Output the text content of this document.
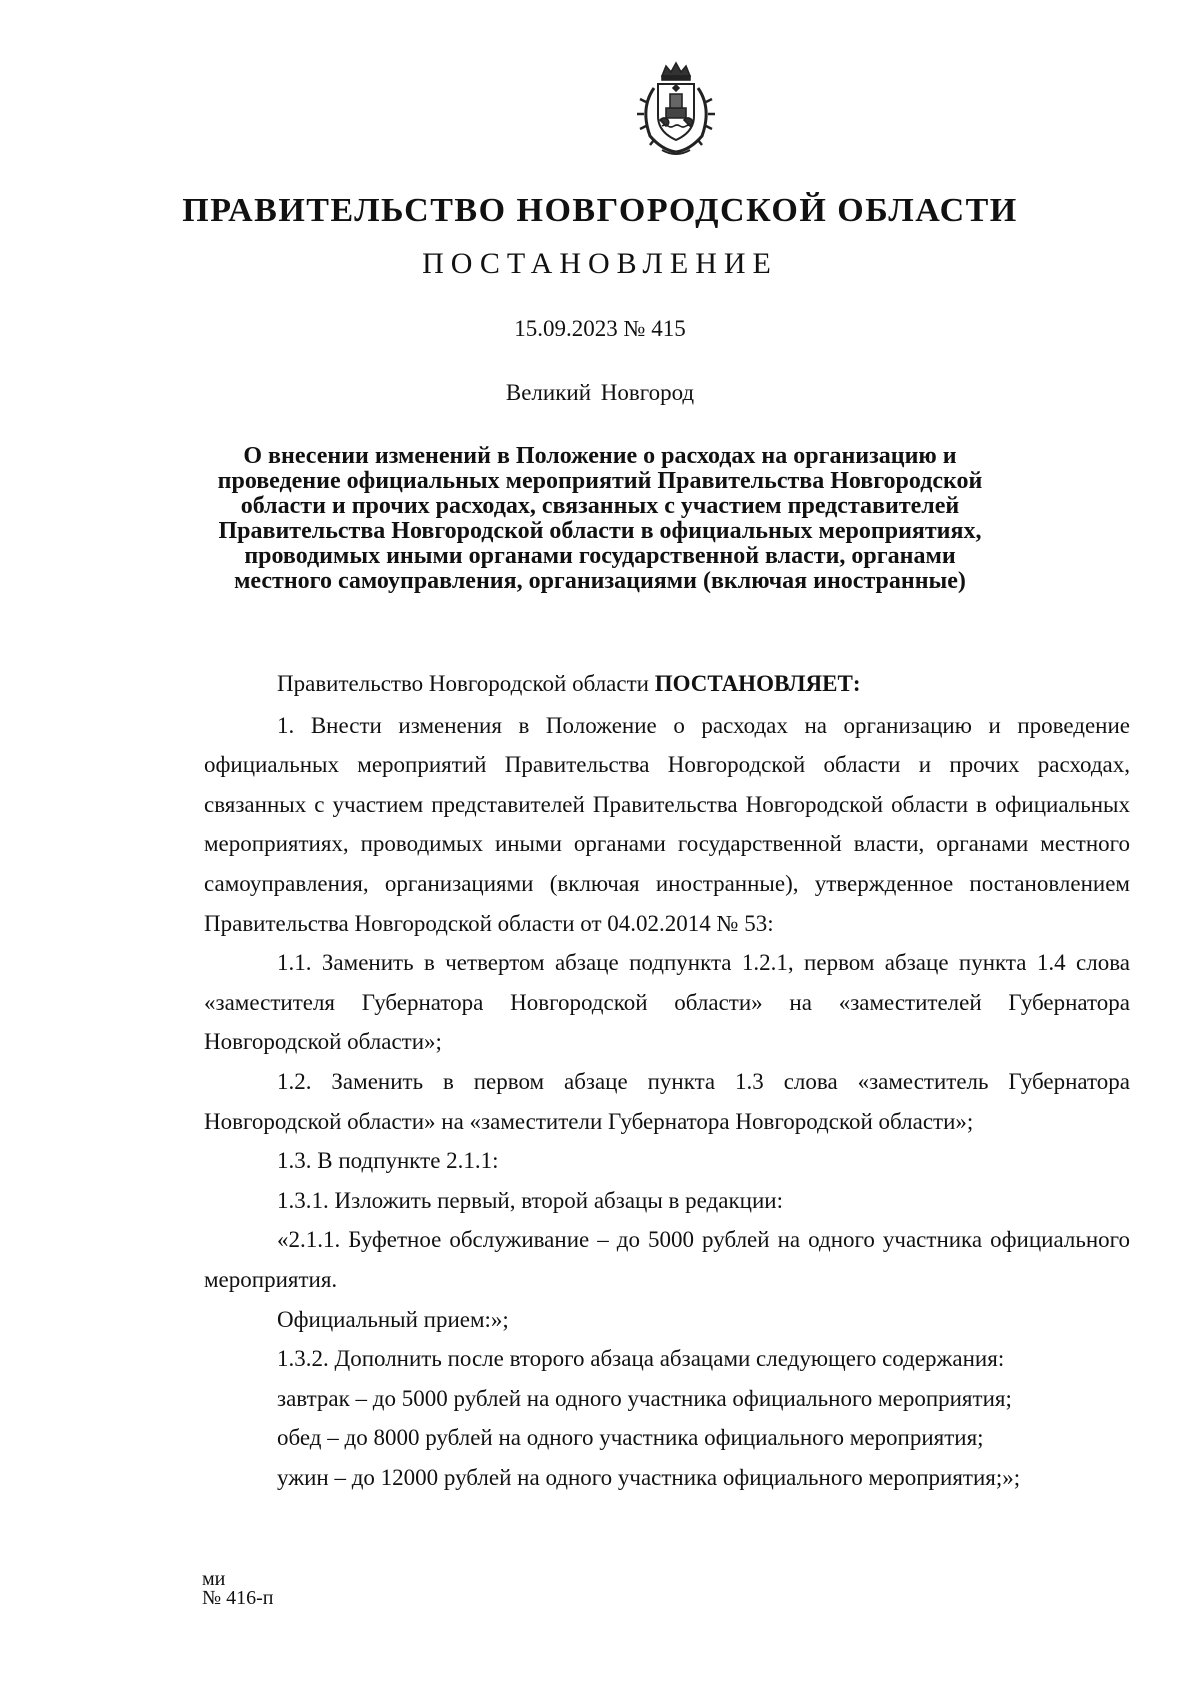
ПРАВИТЕЛЬСТВО НОВГОРОДСКОЙ ОБЛАСТИ
ПОСТАНОВЛЕНИЕ
15.09.2023 № 415
Великий Новгород
О внесении изменений в Положение о расходах на организацию и
проведение официальных мероприятий Правительства Новгородской
области и прочих расходах, связанных с участием представителей
Правительства Новгородской области в официальных мероприятиях,
проводимых иными органами государственной власти, органами
местного самоуправления, организациями (включая иностранные)

Правительство Новгородской области ПОСТАНОВЛЯЕТ:

1. Внести изменения в Положение о расходах на организацию и проведение официальных мероприятий Правительства Новгородской области и прочих расходах, связанных с участием представителей Правительства Новгородской области в официальных мероприятиях, проводимых иными органами государственной власти, органами местного самоуправления, организациями (включая иностранные), утвержденное постановлением Правительства Новгородской области от 04.02.2014 № 53:

1.1. Заменить в четвертом абзаце подпункта 1.2.1, первом абзаце пункта 1.4 слова «заместителя Губернатора Новгородской области» на «заместителей Губернатора Новгородской области»;

1.2. Заменить в первом абзаце пункта 1.3 слова «заместитель Губернатора Новгородской области» на «заместители Губернатора Новгородской области»;

1.3. В подпункте 2.1.1:

1.3.1. Изложить первый, второй абзацы в редакции:

«2.1.1. Буфетное обслуживание – до 5000 рублей на одного участника официального мероприятия.

Официальный прием:»;

1.3.2. Дополнить после второго абзаца абзацами следующего содержания:

завтрак – до 5000 рублей на одного участника официального мероприятия;

обед – до 8000 рублей на одного участника официального мероприятия;

ужин – до 12000 рублей на одного участника официального мероприятия;»;

ми
№ 416-п
